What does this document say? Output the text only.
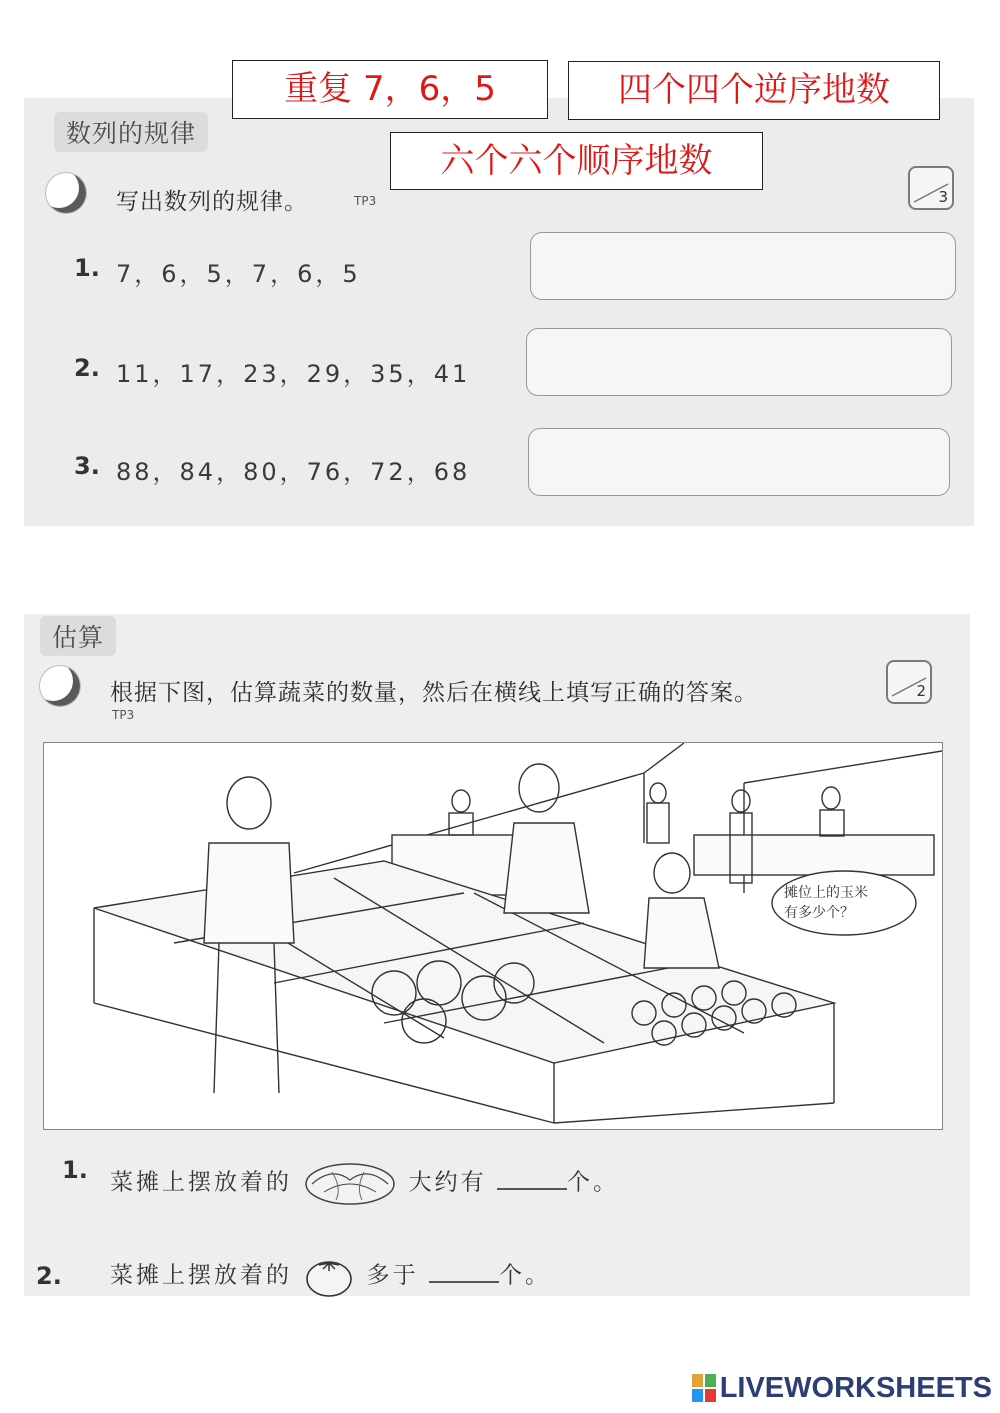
数列的规律
写出数列的规律。	TP3	3
1. 7，6，5，7，6，5
2. 11，17，23，29，35，41
3. 88，84，80，76，72，68
重复 7，6，5	四个四个逆序地数
六个六个顺序地数
估算
根据下图，估算蔬菜的数量，然后在横线上填写正确的答案。
TP3
2
1. 菜摊上摆放着的	大约有	个。
2. 菜摊上摆放着的	多于	个。
摊位上的玉米
有多少个？
LIVEWORKSHEETS
